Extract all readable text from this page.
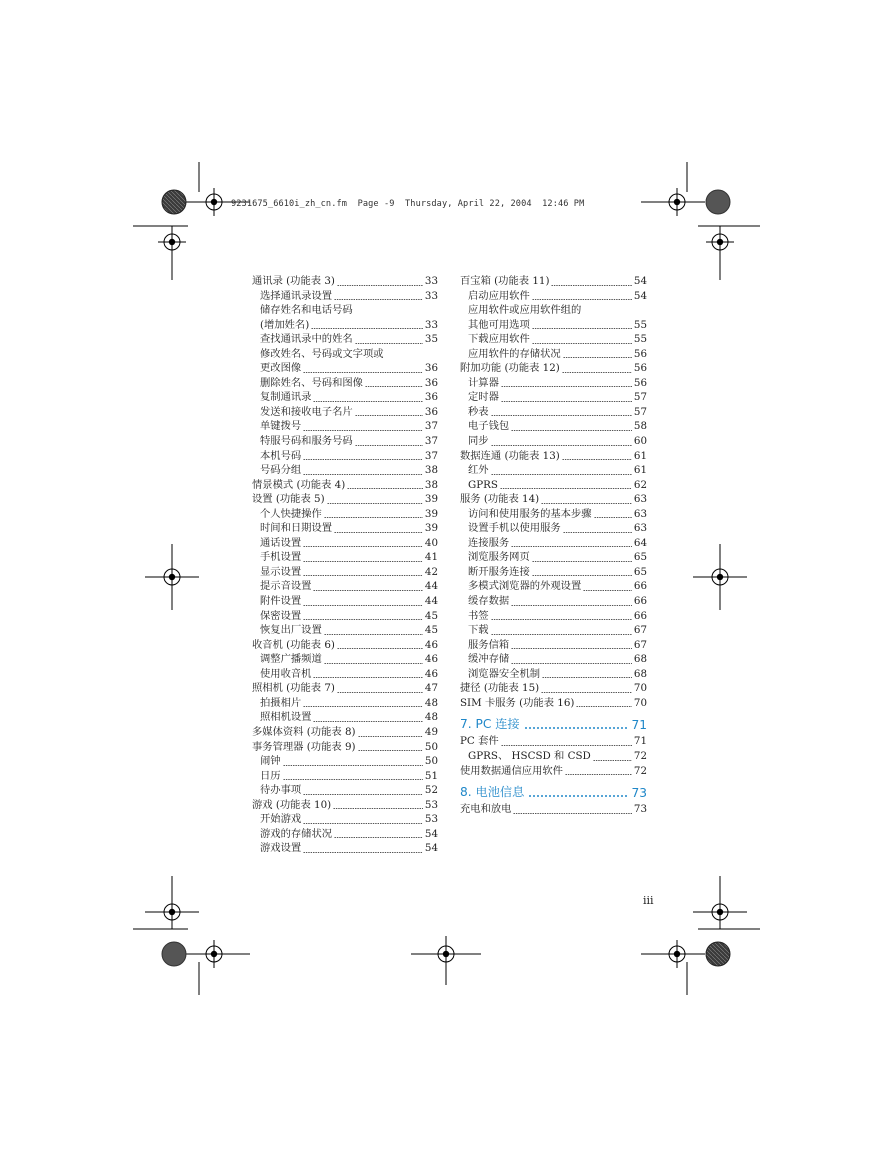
9231675_6610i_zh_cn.fm  Page -9  Thursday, April 22, 2004  12:46 PM
通讯录 (功能表 3)	33
选择通讯录设置	33
储存姓名和电话号码
(增加姓名)	33
查找通讯录中的姓名	35
修改姓名、号码或文字项或
更改图像	36
删除姓名、号码和图像	36
复制通讯录	36
发送和接收电子名片	36
单键拨号	37
特服号码和服务号码	37
本机号码	37
号码分组	38
情景模式 (功能表 4)	38
设置 (功能表 5)	39
个人快捷操作	39
时间和日期设置	39
通话设置	40
手机设置	41
显示设置	42
提示音设置	44
附件设置	44
保密设置	45
恢复出厂设置	45
收音机 (功能表 6)	46
调整广播频道	46
使用收音机	46
照相机 (功能表 7)	47
拍摄相片	48
照相机设置	48
多媒体资料 (功能表 8)	49
事务管理器 (功能表 9)	50
闹钟	50
日历	51
待办事项	52
游戏 (功能表 10)	53
开始游戏	53
游戏的存储状况	54
游戏设置	54
百宝箱 (功能表 11)	54
启动应用软件	54
应用软件或应用软件组的
其他可用选项	55
下载应用软件	55
应用软件的存储状况	56
附加功能 (功能表 12)	56
计算器	56
定时器	57
秒表	57
电子钱包	58
同步	60
数据连通 (功能表 13)	61
红外	61
GPRS	62
服务 (功能表 14)	63
访问和使用服务的基本步骤	63
设置手机以使用服务	63
连接服务	64
浏览服务网页	65
断开服务连接	65
多模式浏览器的外观设置	66
缓存数据	66
书签	66
下载	67
服务信箱	67
缓冲存储	68
浏览器安全机制	68
捷径 (功能表 15)	70
SIM 卡服务 (功能表 16)	70
7. PC 连接	71
PC 套件	71
GPRS、 HSCSD 和 CSD	72
使用数据通信应用软件	72
8. 电池信息	73
充电和放电	73
iii
